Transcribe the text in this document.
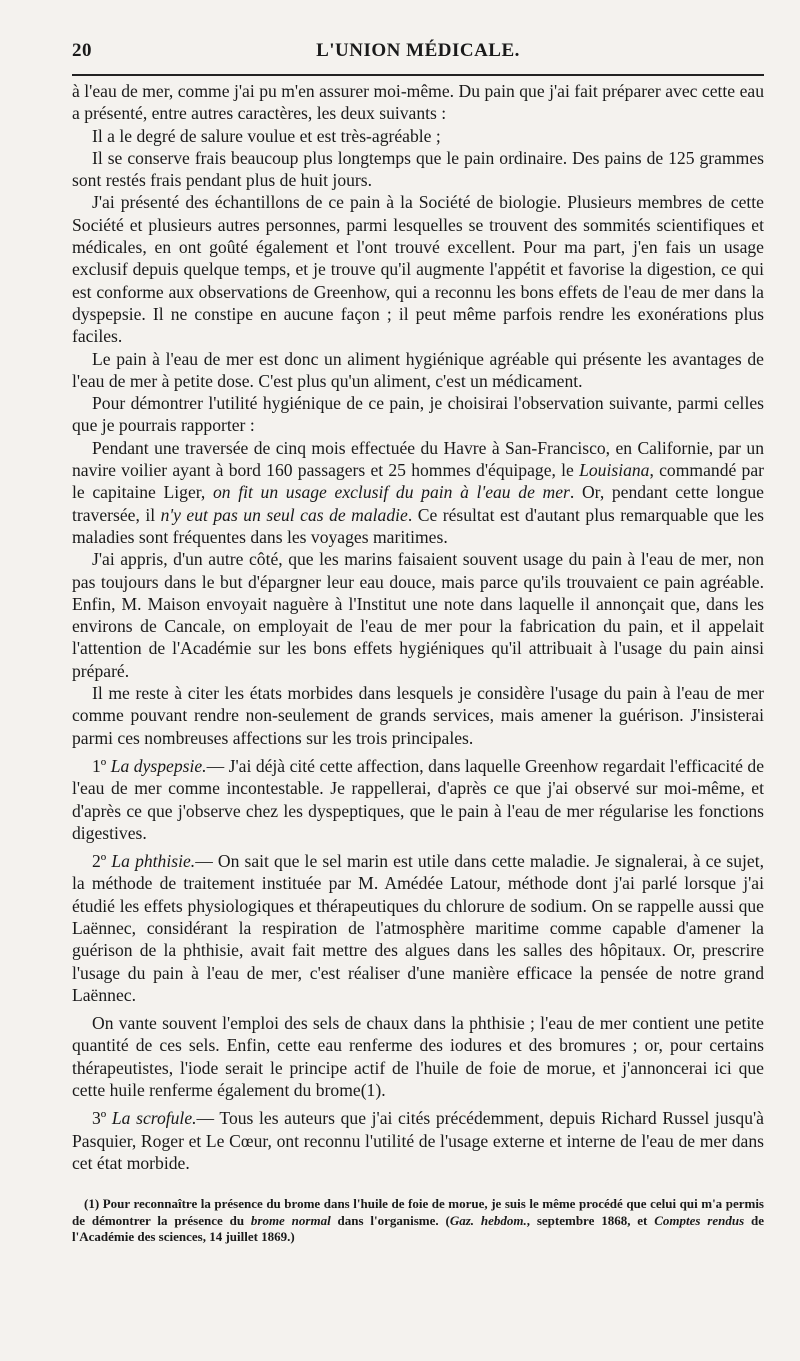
20	L'UNION MÉDICALE.

à l'eau de mer, comme j'ai pu m'en assurer moi-même. Du pain que j'ai fait préparer avec cette eau a présenté, entre autres caractères, les deux suivants :

Il a le degré de salure voulue et est très-agréable ;

Il se conserve frais beaucoup plus longtemps que le pain ordinaire. Des pains de 125 grammes sont restés frais pendant plus de huit jours.

J'ai présenté des échantillons de ce pain à la Société de biologie. Plusieurs membres de cette Société et plusieurs autres personnes, parmi lesquelles se trouvent des sommités scientifiques et médicales, en ont goûté également et l'ont trouvé excellent. Pour ma part, j'en fais un usage exclusif depuis quelque temps, et je trouve qu'il augmente l'appétit et favorise la digestion, ce qui est conforme aux observations de Greenhow, qui a reconnu les bons effets de l'eau de mer dans la dyspepsie. Il ne constipe en aucune façon ; il peut même parfois rendre les exonérations plus faciles.

Le pain à l'eau de mer est donc un aliment hygiénique agréable qui présente les avantages de l'eau de mer à petite dose. C'est plus qu'un aliment, c'est un médicament.

Pour démontrer l'utilité hygiénique de ce pain, je choisirai l'observation suivante, parmi celles que je pourrais rapporter :

Pendant une traversée de cinq mois effectuée du Havre à San-Francisco, en Californie, par un navire voilier ayant à bord 160 passagers et 25 hommes d'équipage, le Louisiana, commandé par le capitaine Liger, on fit un usage exclusif du pain à l'eau de mer. Or, pendant cette longue traversée, il n'y eut pas un seul cas de maladie. Ce résultat est d'autant plus remarquable que les maladies sont fréquentes dans les voyages maritimes.

J'ai appris, d'un autre côté, que les marins faisaient souvent usage du pain à l'eau de mer, non pas toujours dans le but d'épargner leur eau douce, mais parce qu'ils trouvaient ce pain agréable. Enfin, M. Maison envoyait naguère à l'Institut une note dans laquelle il annonçait que, dans les environs de Cancale, on employait de l'eau de mer pour la fabrication du pain, et il appelait l'attention de l'Académie sur les bons effets hygiéniques qu'il attribuait à l'usage du pain ainsi préparé.

Il me reste à citer les états morbides dans lesquels je considère l'usage du pain à l'eau de mer comme pouvant rendre non-seulement de grands services, mais amener la guérison. J'insisterai parmi ces nombreuses affections sur les trois principales.

1º La dyspepsie.— J'ai déjà cité cette affection, dans laquelle Greenhow regardait l'efficacité de l'eau de mer comme incontestable. Je rappellerai, d'après ce que j'ai observé sur moi-même, et d'après ce que j'observe chez les dyspeptiques, que le pain à l'eau de mer régularise les fonctions digestives.

2º La phthisie.— On sait que le sel marin est utile dans cette maladie. Je signalerai, à ce sujet, la méthode de traitement instituée par M. Amédée Latour, méthode dont j'ai parlé lorsque j'ai étudié les effets physiologiques et thérapeutiques du chlorure de sodium. On se rappelle aussi que Laënnec, considérant la respiration de l'atmosphère maritime comme capable d'amener la guérison de la phthisie, avait fait mettre des algues dans les salles des hôpitaux. Or, prescrire l'usage du pain à l'eau de mer, c'est réaliser d'une manière efficace la pensée de notre grand Laënnec.

On vante souvent l'emploi des sels de chaux dans la phthisie ; l'eau de mer contient une petite quantité de ces sels. Enfin, cette eau renferme des iodures et des bromures ; or, pour certains thérapeutistes, l'iode serait le principe actif de l'huile de foie de morue, et j'annoncerai ici que cette huile renferme également du brome(1).

3º La scrofule.— Tous les auteurs que j'ai cités précédemment, depuis Richard Russel jusqu'à Pasquier, Roger et Le Cœur, ont reconnu l'utilité de l'usage externe et interne de l'eau de mer dans cet état morbide.

(1) Pour reconnaître la présence du brome dans l'huile de foie de morue, je suis le même procédé que celui qui m'a permis de démontrer la présence du brome normal dans l'organisme. (Gaz. hebdom., septembre 1868, et Comptes rendus de l'Académie des sciences, 14 juillet 1869.)
